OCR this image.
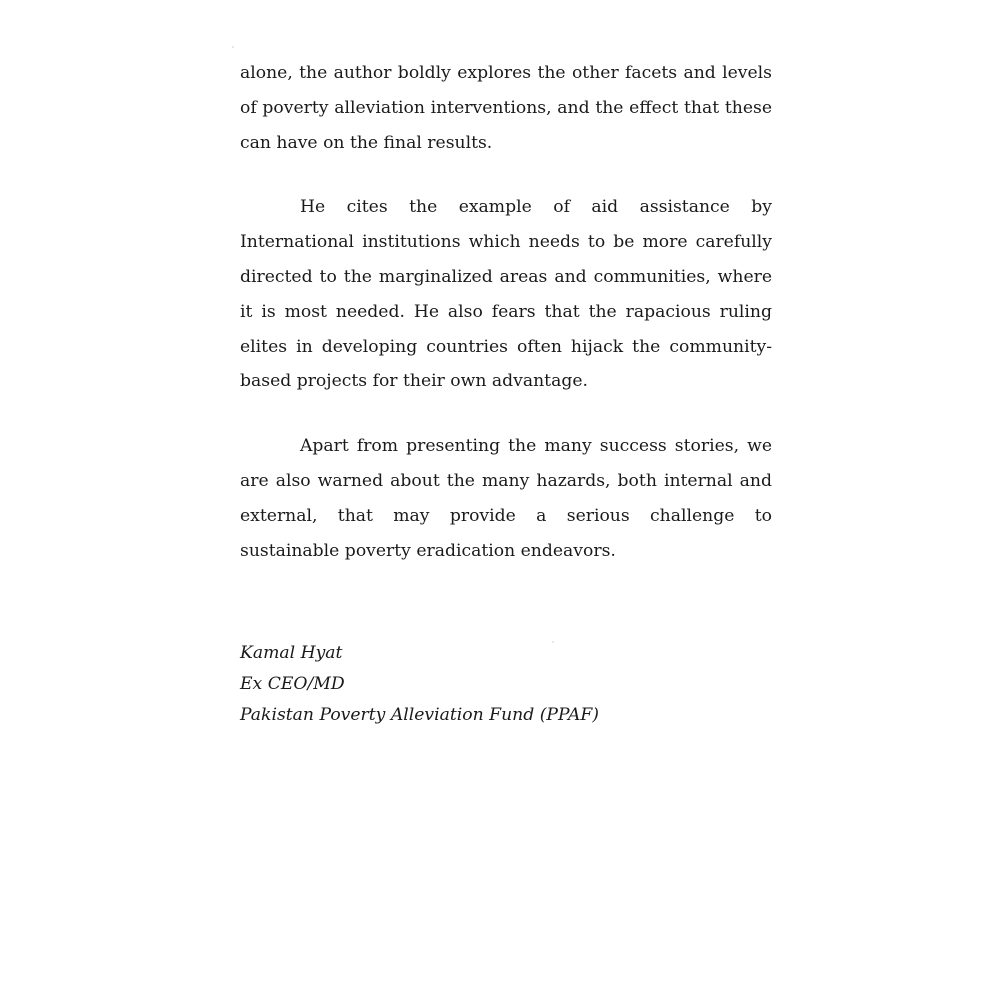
alone, the author boldly explores the other facets and levels of poverty alleviation interventions, and the effect that these can have on the final results.

He cites the example of aid assistance by International institutions which needs to be more carefully directed to the marginalized areas and communities, where it is most needed. He also fears that the rapacious ruling elites in developing countries often hijack the community-based projects for their own advantage.

Apart from presenting the many success stories, we are also warned about the many hazards, both internal and external, that may provide a serious challenge to sustainable poverty eradication endeavors.

Kamal Hyat
Ex CEO/MD
Pakistan Poverty Alleviation Fund (PPAF)
